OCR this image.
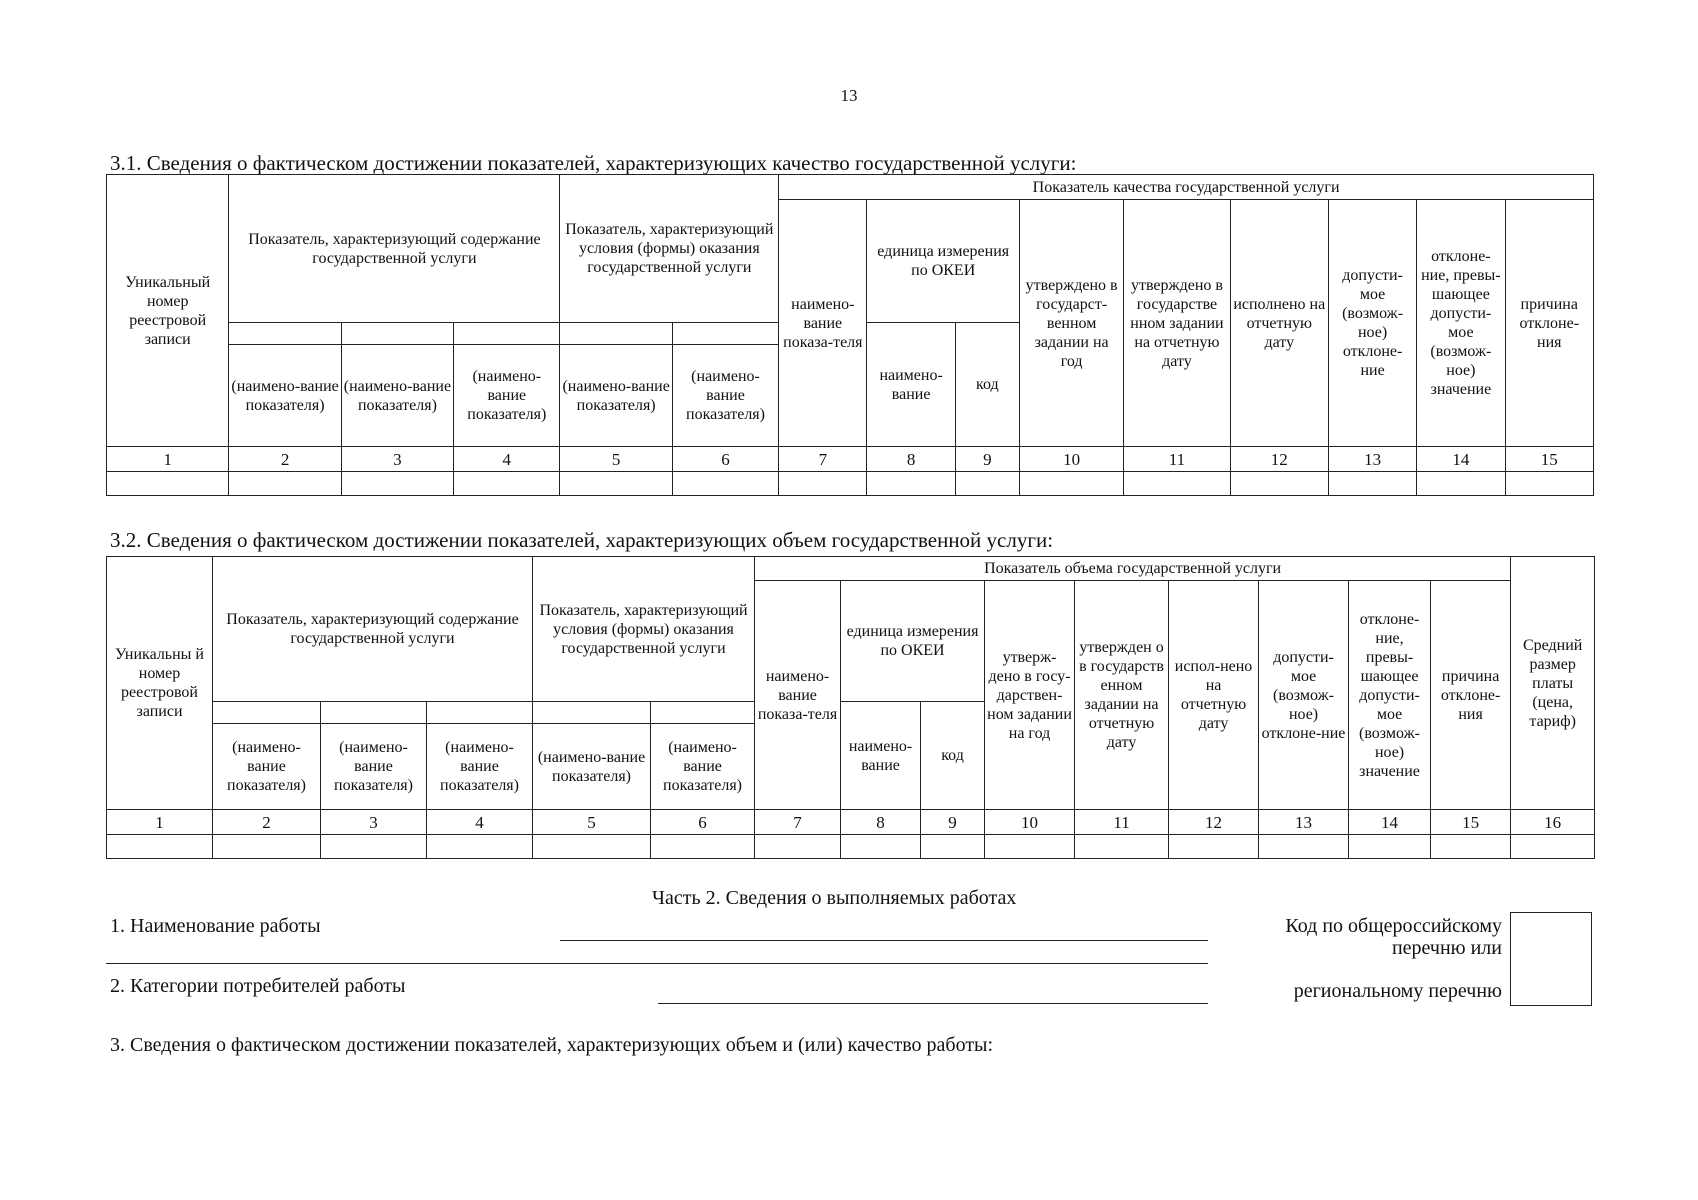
13
3.1. Сведения о фактическом достижении показателей, характеризующих качество государственной услуги:
Уникальный номер реестровой записи	Показатель, характеризующий содержание государственной услуги			Показатель, характеризующий условия (формы) оказания государственной услуги		Показатель качества государственной услуги								
						наимено-вание показа-теля	единица измерения по ОКЕИ		утверждено в государст-венном задании на год	утверждено в государстве нном задании на отчетную дату	исполнено на отчетную дату	допусти-мое (возмож-ное) отклоне-ние	отклоне-ние, превы-шающее допусти-мое (возмож-ное) значение	причина отклоне-ния
							наимено-вание	код						
	(наимено-вание показателя)	(наимено-вание показателя)	(наимено-вание показателя)	(наимено-вание показателя)	(наимено-вание показателя)									
1	2	3	4	5	6	7	8	9	10	11	12	13	14	15

3.2. Сведения о фактическом достижении показателей, характеризующих объем государственной услуги:
Уникальны й номер реестровой записи	Показатель, характеризующий содержание государственной услуги			Показатель, характеризующий условия (формы) оказания государственной услуги		Показатель объема государственной услуги									Средний размер платы (цена, тариф)
						наимено-вание показа-теля	единица измерения по ОКЕИ		утверж-дено в госу-дарствен-ном задании на год	утвержден о в государств енном задании на отчетную дату	испол-нено на отчетную дату	допусти-мое (возмож-ное) отклоне-ние	отклоне-ние, превы-шающее допусти-мое (возмож-ное) значение	причина отклоне-ния	
							наимено-вание	код							
	(наимено-вание показателя)	(наимено-вание показателя)	(наимено-вание показателя)	(наимено-вание показателя)	(наимено-вание показателя)										
1	2	3	4	5	6	7	8	9	10	11	12	13	14	15	16

Часть 2. Сведения о выполняемых работах
1. Наименование работы
2. Категории потребителей работы
Код по общероссийскому
перечню или
региональному перечню
3. Сведения о фактическом достижении показателей, характеризующих объем и (или) качество работы:
